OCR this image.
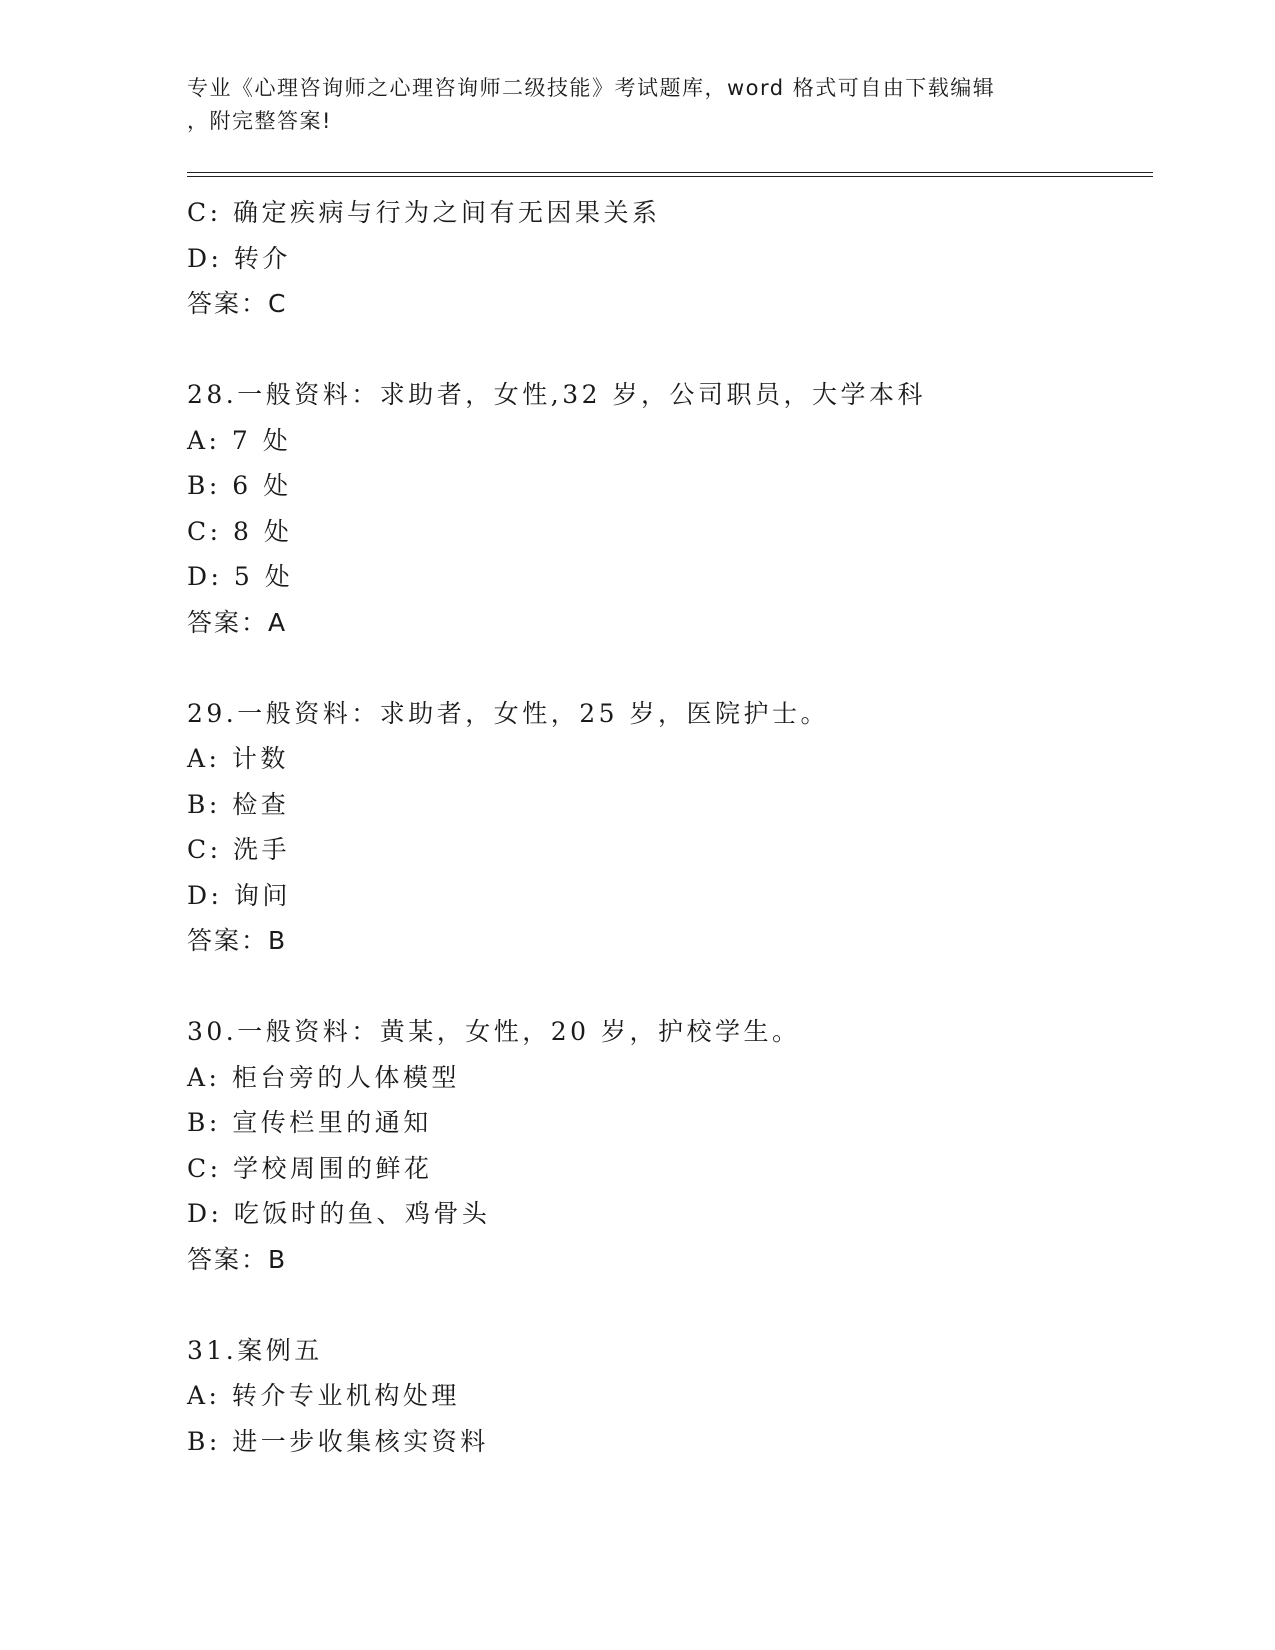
专业《心理咨询师之心理咨询师二级技能》考试题库，word 格式可自由下载编辑
，附完整答案!
C: 确定疾病与行为之间有无因果关系
D: 转介
答案：C
28.一般资料：求助者，女性,32 岁，公司职员，大学本科
A: 7 处
B: 6 处
C: 8 处
D: 5 处
答案：A
29.一般资料：求助者，女性，25 岁，医院护士。
A: 计数
B: 检查
C: 洗手
D: 询问
答案：B
30.一般资料：黄某，女性，20 岁，护校学生。
A: 柜台旁的人体模型
B: 宣传栏里的通知
C: 学校周围的鲜花
D: 吃饭时的鱼、鸡骨头
答案：B
31.案例五
A: 转介专业机构处理
B: 进一步收集核实资料
